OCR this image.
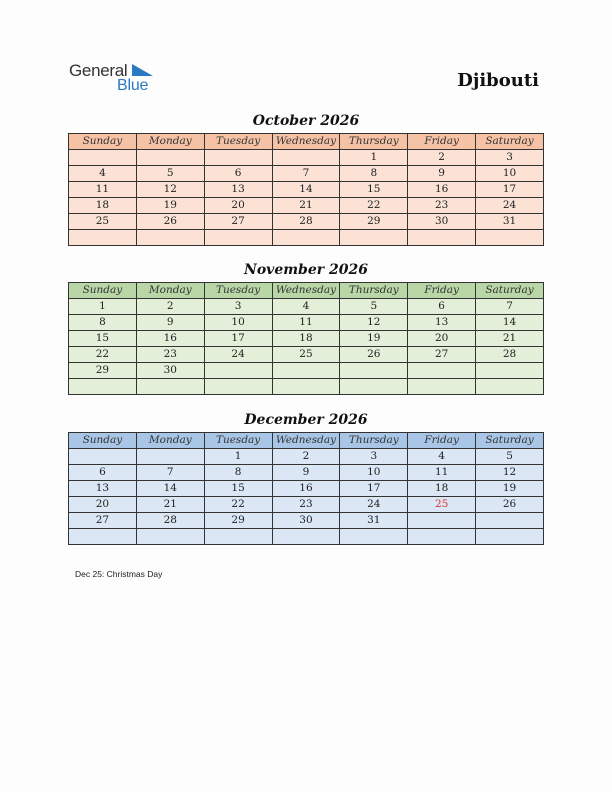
General
Blue	Djibouti
October 2026
Sunday	Monday	Tuesday	Wednesday	Thursday	Friday	Saturday
				1	2	3
4	5	6	7	8	9	10
11	12	13	14	15	16	17
18	19	20	21	22	23	24
25	26	27	28	29	30	31

November 2026
Sunday	Monday	Tuesday	Wednesday	Thursday	Friday	Saturday
1	2	3	4	5	6	7
8	9	10	11	12	13	14
15	16	17	18	19	20	21
22	23	24	25	26	27	28
29	30					

December 2026
Sunday	Monday	Tuesday	Wednesday	Thursday	Friday	Saturday
		1	2	3	4	5
6	7	8	9	10	11	12
13	14	15	16	17	18	19
20	21	22	23	24	25	26
27	28	29	30	31		

Dec 25: Christmas Day
